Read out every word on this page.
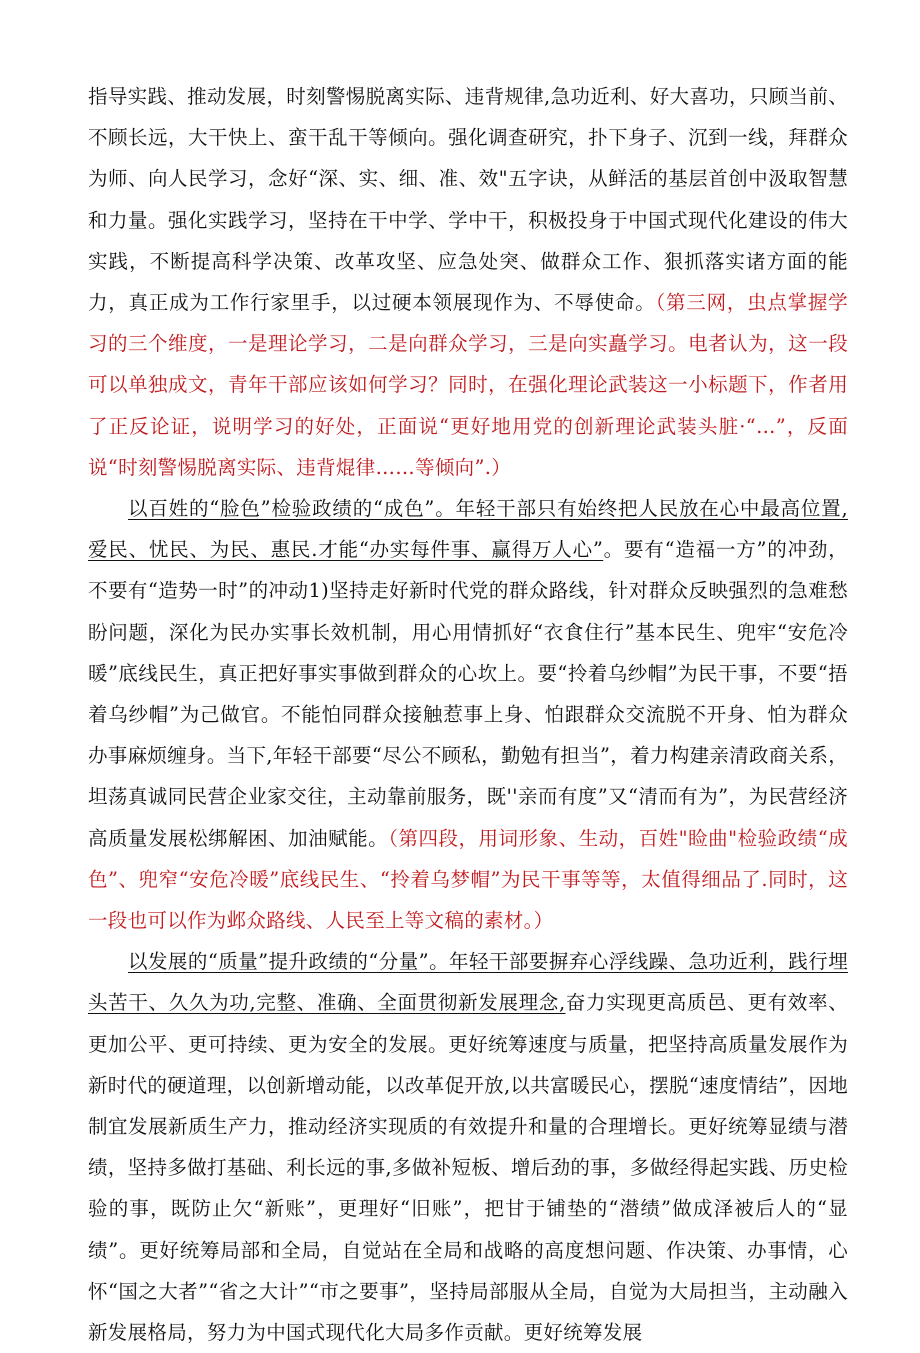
指导实践、推动发展，时刻警惕脱离实际、违背规律,急功近利、好大喜功，只顾当前、不顾长远，大干快上、蛮干乱干等倾向。强化调查研究，扑下身子、沉到一线，拜群众为师、向人民学习，念好“深、实、细、准、效"五字诀，从鲜活的基层首创中汲取智慧和力量。强化实践学习，坚持在干中学、学中干，积极投身于中国式现代化建设的伟大实践，不断提高科学决策、改革攻坚、应急处突、做群众工作、狠抓落实诸方面的能力，真正成为工作行家里手，以过硬本领展现作为、不辱使命。（第三网，虫点掌握学习的三个维度，一是理论学习，二是向群众学习，三是向实矗学习。电者认为，这一段可以单独成文，青年干部应该如何学习？同时，在强化理论武装这一小标题下，作者用了正反论证，说明学习的好处，正面说“更好地用党的创新理论武装头脏·“…”，反面说“时刻警惕脱离实际、违背焜律……等倾向”.）

以百姓的“脸色”检验政绩的“成色”。年轻干部只有始终把人民放在心中最高位置,爱民、忧民、为民、惠民.才能“办实每件事、赢得万人心”。要有“造福一方”的冲劲，不要有“造势一时”的冲动1)坚持走好新时代党的群众路线，针对群众反映强烈的急难愁盼问题，深化为民办实事长效机制，用心用情抓好“衣食住行”基本民生、兜牢“安危冷暖”底线民生，真正把好事实事做到群众的心坎上。要“拎着乌纱帽”为民干事，不要“捂着乌纱帽”为己做官。不能怕同群众接触惹事上身、怕跟群众交流脱不开身、怕为群众办事麻烦缠身。当下,年轻干部要“尽公不顾私，勤勉有担当”，着力构建亲清政商关系，坦荡真诚同民营企业家交往，主动靠前服务，既''亲而有度”又“清而有为”，为民营经济高质量发展松绑解困、加油赋能。（第四段，用词形象、生动，百姓"睑曲"检验政绩“成色”、兜窄“安危冷暖”底线民生、“拎着乌梦帽”为民干事等等，太值得细品了.同时，这一段也可以作为邺众路线、人民至上等文稿的素材。）

以发展的“质量”提升政绩的“分量”。年轻干部要摒弃心浮线躁、急功近利，践行埋头苦干、久久为功,完整、准确、全面贯彻新发展理念,奋力实现更高质邑、更有效率、更加公平、更可持续、更为安全的发展。更好统筹速度与质量，把坚持高质量发展作为新时代的硬道理，以创新增动能，以改革促开放,以共富暖民心，摆脱“速度情结”，因地制宜发展新质生产力，推动经济实现质的有效提升和量的合理增长。更好统筹显绩与潜绩，坚持多做打基础、利长远的事,多做补短板、增后劲的事，多做经得起实践、历史检验的事，既防止欠“新账”，更理好“旧账”，把甘于铺垫的“潜绩”做成泽被后人的“显绩”。更好统筹局部和全局，自觉站在全局和战略的高度想问题、作决策、办事情，心怀“国之大者”“省之大计”“市之要事”，坚持局部服从全局，自觉为大局担当，主动融入新发展格局，努力为中国式现代化大局多作贡献。更好统筹发展
